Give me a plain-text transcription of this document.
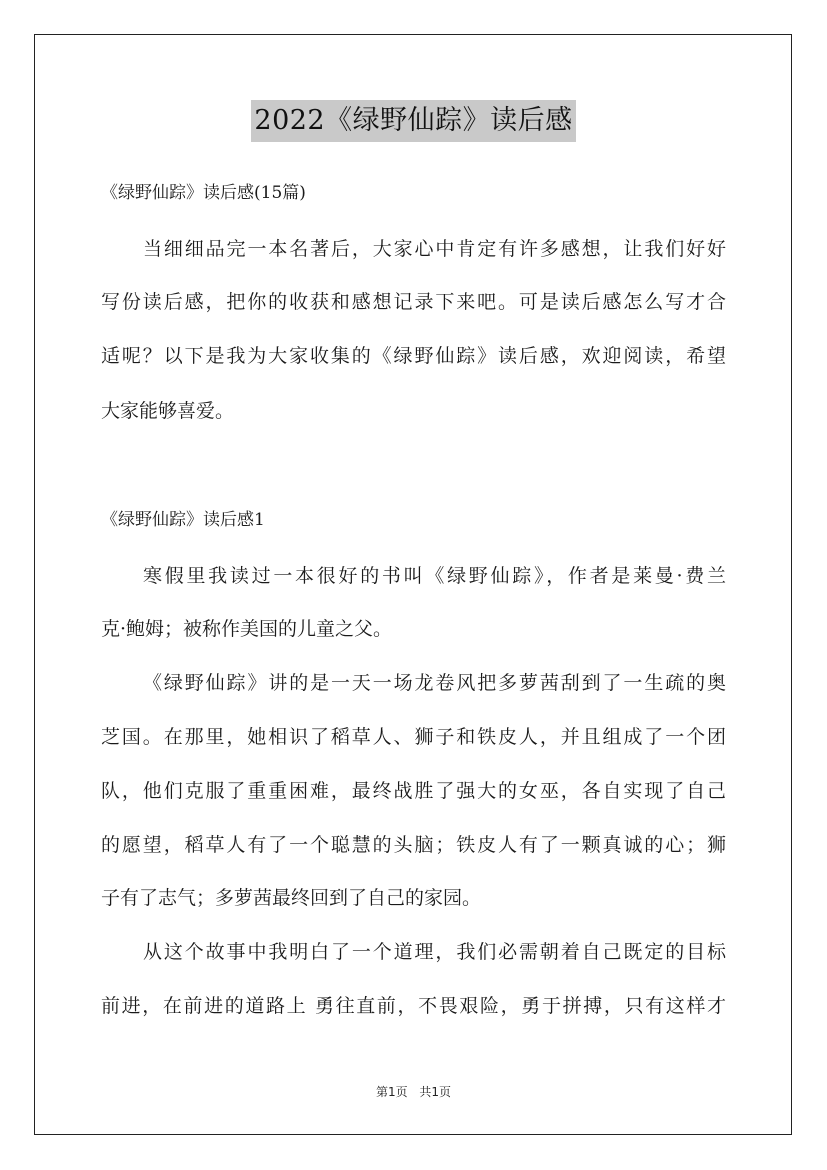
2022《绿野仙踪》读后感
《绿野仙踪》读后感(15篇)
当细细品完一本名著后，大家心中肯定有许多感想，让我们好好
写份读后感，把你的收获和感想记录下来吧。可是读后感怎么写才合
适呢？以下是我为大家收集的《绿野仙踪》读后感，欢迎阅读，希望
大家能够喜爱。
《绿野仙踪》读后感1
寒假里我读过一本很好的书叫《绿野仙踪》，作者是莱曼·费兰
克·鲍姆；被称作美国的儿童之父。
《绿野仙踪》讲的是一天一场龙卷风把多萝茜刮到了一生疏的奥
芝国。在那里，她相识了稻草人、狮子和铁皮人，并且组成了一个团
队，他们克服了重重困难，最终战胜了强大的女巫，各自实现了自己
的愿望，稻草人有了一个聪慧的头脑；铁皮人有了一颗真诚的心；狮
子有了志气；多萝茜最终回到了自己的家园。
从这个故事中我明白了一个道理，我们必需朝着自己既定的目标
前进，在前进的道路上 勇往直前，不畏艰险，勇于拼搏，只有这样才
第1页 共1页
